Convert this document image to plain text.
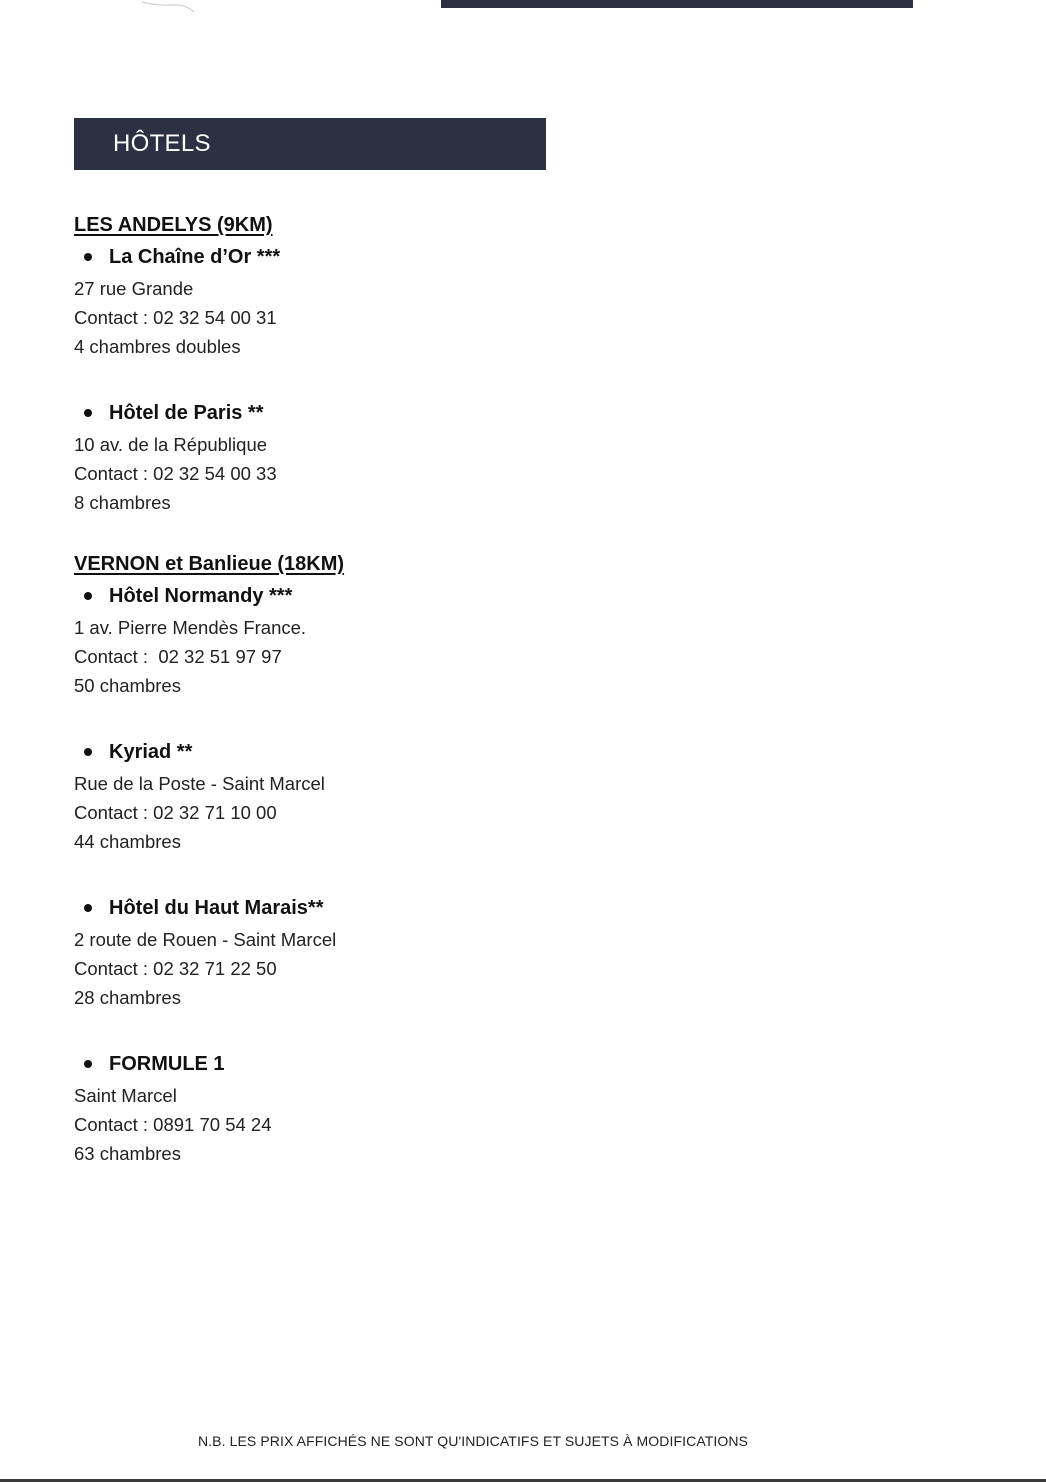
HÔTELS
LES ANDELYS (9KM)
La Chaîne d’Or ***
27 rue Grande
Contact : 02 32 54 00 31
4 chambres doubles
Hôtel de Paris **
10 av. de la République
Contact : 02 32 54 00 33
8 chambres
VERNON et Banlieue (18KM)
Hôtel Normandy ***
1 av. Pierre Mendès France.
Contact :  02 32 51 97 97
50 chambres
Kyriad **
Rue de la Poste - Saint Marcel
Contact : 02 32 71 10 00
44 chambres
Hôtel du Haut Marais**
2 route de Rouen - Saint Marcel
Contact : 02 32 71 22 50
28 chambres
FORMULE 1
Saint Marcel
Contact : 0891 70 54 24
63 chambres
N.B. LES PRIX AFFICHÉS NE SONT QU'INDICATIFS ET SUJETS À MODIFICATIONS
